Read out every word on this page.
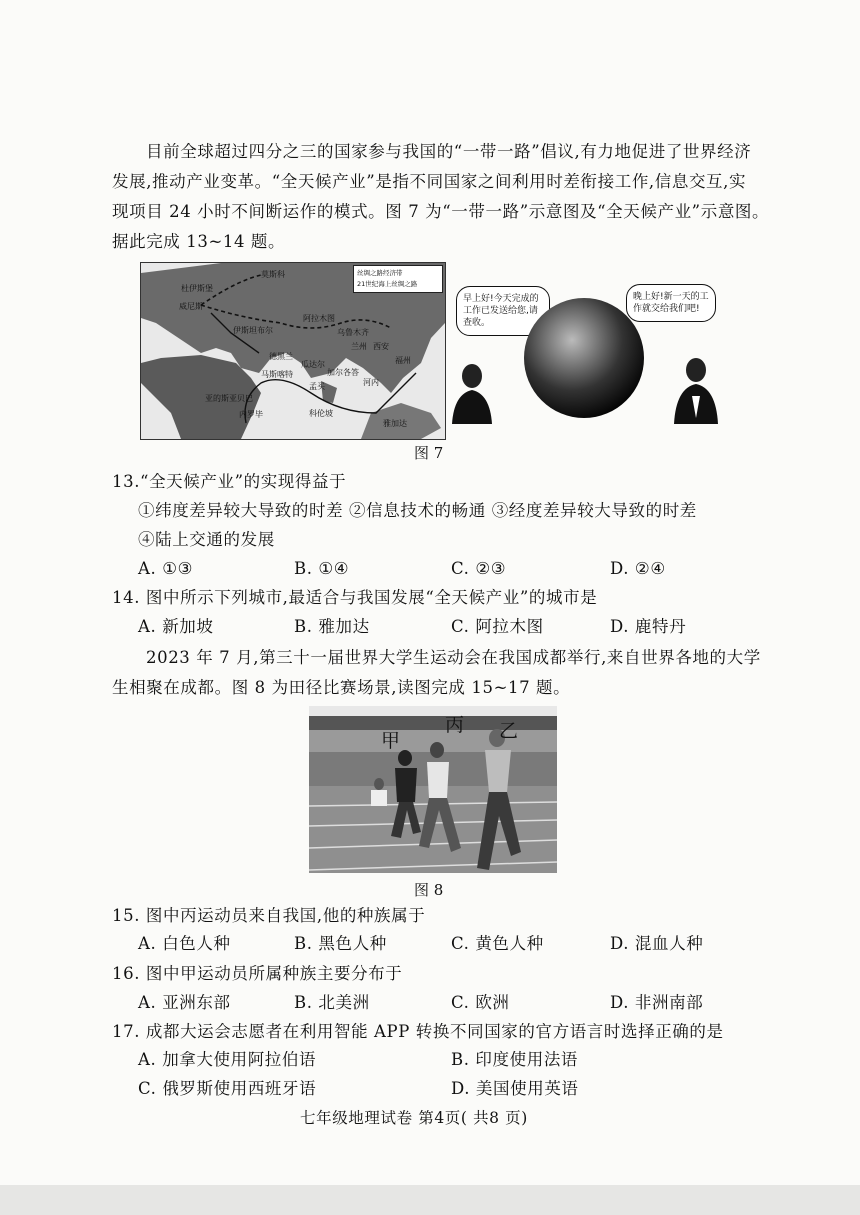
目前全球超过四分之三的国家参与我国的“一带一路”倡议,有力地促进了世界经济
发展,推动产业变革。“全天候产业”是指不同国家之间利用时差衔接工作,信息交互,实
现项目 24 小时不间断运作的模式。图 7 为“一带一路”示意图及“全天候产业”示意图。
据此完成 13~14 题。
丝绸之路经济带
21世纪海上丝绸之路
莫斯科
杜伊斯堡
威尼斯
伊斯坦布尔
德黑兰
马斯喀特
瓜达尔
科伦坡
亚的斯亚贝巴
内罗毕
阿拉木图
乌鲁木齐
兰州 西安
加尔各答
孟买	河内
福州
雅加达
早上好!今天完成的工作已发送给您,请查收。
晚上好!新一天的工作就交给我们吧!
图 7
13.“全天候产业”的实现得益于
①纬度差异较大导致的时差 ②信息技术的畅通 ③经度差异较大导致的时差
④陆上交通的发展
A. ①③	B. ①④	C. ②③	D. ②④
14. 图中所示下列城市,最适合与我国发展“全天候产业”的城市是
A. 新加坡	B. 雅加达	C. 阿拉木图	D. 鹿特丹
2023 年 7 月,第三十一届世界大学生运动会在我国成都举行,来自世界各地的大学
生相聚在成都。图 8 为田径比赛场景,读图完成 15~17 题。
甲
丙 乙
图 8
15. 图中丙运动员来自我国,他的种族属于
A. 白色人种	B. 黑色人种	C. 黄色人种	D. 混血人种
16. 图中甲运动员所属种族主要分布于
A. 亚洲东部	B. 北美洲	C. 欧洲	D. 非洲南部
17. 成都大运会志愿者在利用智能 APP 转换不同国家的官方语言时选择正确的是
A. 加拿大使用阿拉伯语	B. 印度使用法语
C. 俄罗斯使用西班牙语	D. 美国使用英语
七年级地理试卷 第4页( 共8 页)
